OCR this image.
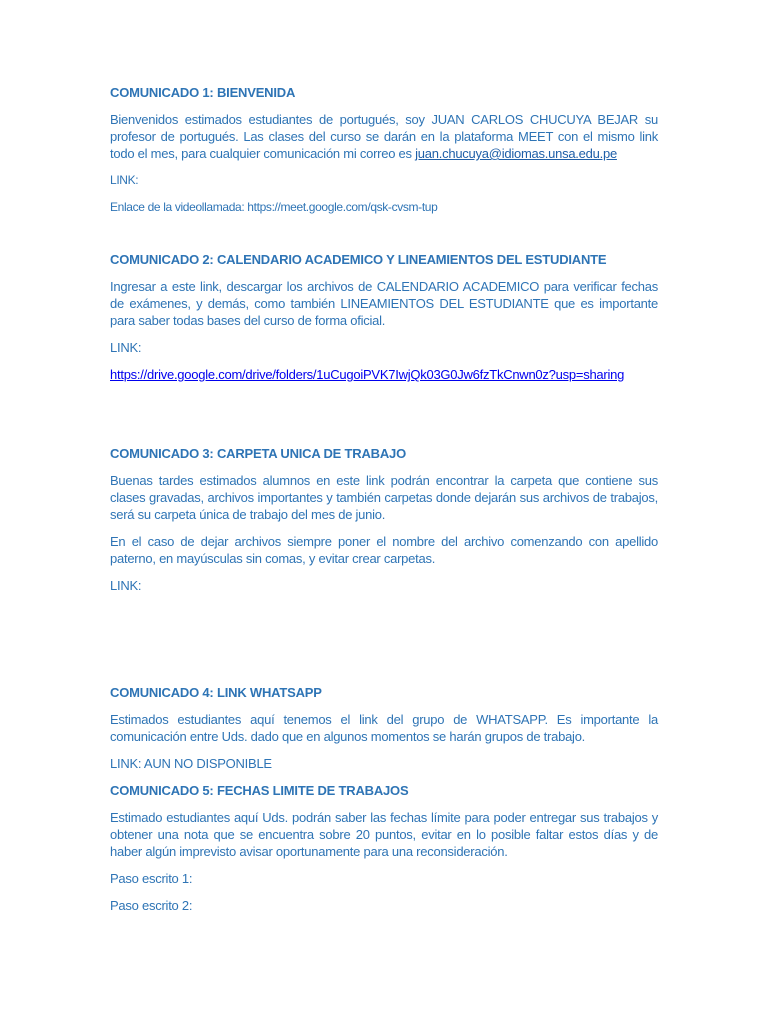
COMUNICADO 1: BIENVENIDA
Bienvenidos estimados estudiantes de portugués, soy JUAN CARLOS CHUCUYA BEJAR su profesor de portugués. Las clases del curso se darán en la plataforma MEET con el mismo link todo el mes, para cualquier comunicación mi correo es juan.chucuya@idiomas.unsa.edu.pe
LINK:
Enlace de la videollamada: https://meet.google.com/qsk-cvsm-tup
COMUNICADO 2: CALENDARIO ACADEMICO Y LINEAMIENTOS DEL ESTUDIANTE
Ingresar a este link, descargar los archivos de CALENDARIO ACADEMICO para verificar fechas de exámenes, y demás, como también LINEAMIENTOS DEL ESTUDIANTE que es importante para saber todas bases del curso de forma oficial.
LINK:
https://drive.google.com/drive/folders/1uCugoiPVK7IwjQk03G0Jw6fzTkCnwn0z?usp=sharing
COMUNICADO 3: CARPETA UNICA DE TRABAJO
Buenas tardes estimados alumnos en este link podrán encontrar la carpeta que contiene sus clases gravadas, archivos importantes y también carpetas donde dejarán sus archivos de trabajos, será su carpeta única de trabajo del mes de junio.
En el caso de dejar archivos siempre poner el nombre del archivo comenzando con apellido paterno, en mayúsculas sin comas, y evitar crear carpetas.
LINK:
COMUNICADO 4: LINK WHATSAPP
Estimados estudiantes aquí tenemos el link del grupo de WHATSAPP. Es importante la comunicación entre Uds. dado que en algunos momentos se harán grupos de trabajo.
LINK: AUN NO DISPONIBLE
COMUNICADO 5: FECHAS LIMITE DE TRABAJOS
Estimado estudiantes aquí Uds. podrán saber las fechas límite para poder entregar sus trabajos y obtener una nota que se encuentra sobre 20 puntos, evitar en lo posible faltar estos días y de haber algún imprevisto avisar oportunamente para una reconsideración.
Paso escrito 1:
Paso escrito 2:
